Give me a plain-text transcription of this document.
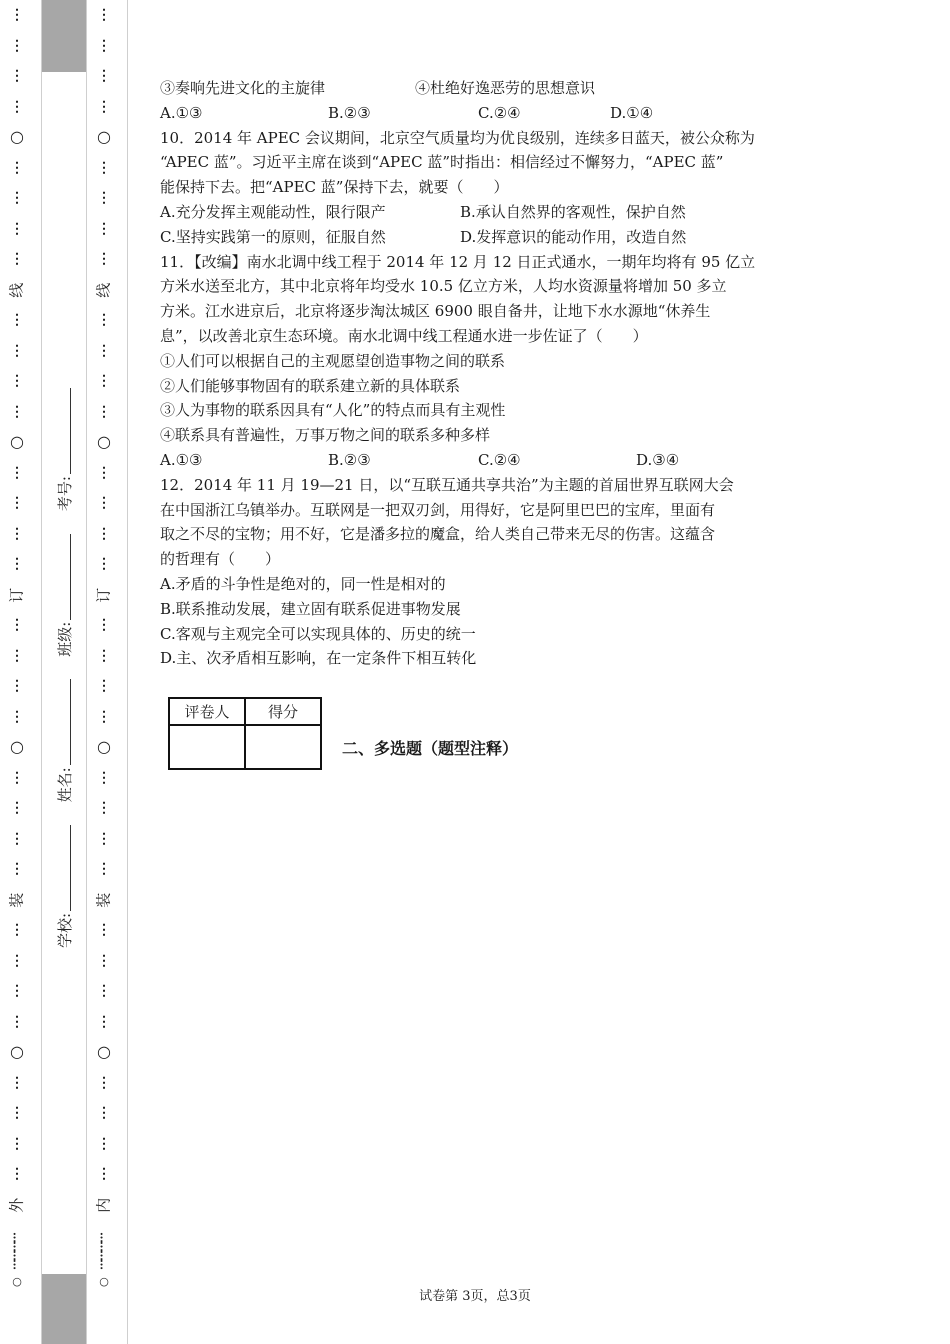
⋮
⋮
⋮
⋮
○
⋮
⋮
⋮
⋮
线
⋮
⋮
⋮
⋮
○
⋮
⋮
⋮
⋮
订
⋮
⋮
⋮
⋮
○
⋮
⋮
⋮
⋮
装
⋮
⋮
⋮
⋮
○
⋮
⋮
⋮
⋮
外
⋮
⋮
⋮
⋮
○
⋮
⋮
⋮
⋮
线
⋮
⋮
⋮
⋮
○
⋮
⋮
⋮
⋮
订
⋮
⋮
⋮
⋮
○
⋮
⋮
⋮
⋮
装
⋮
⋮
⋮
⋮
○
⋮
⋮
⋮
⋮
内
…………
○
…………
○
学校:
姓名:
班级:
考号:

③奏响先进文化的主旋律　　　　　　④杜绝好逸恶劳的思想意识

A.①③	B.②③	C.②④	D.①④

10．2014 年 APEC 会议期间，北京空气质量均为优良级别，连续多日蓝天，被公众称为

“APEC 蓝”。习近平主席在谈到“APEC 蓝”时指出：相信经过不懈努力，“APEC 蓝”

能保持下去。把“APEC 蓝”保持下去，就要（　　）

A.充分发挥主观能动性，限行限产	B.承认自然界的客观性，保护自然
C.坚持实践第一的原则，征服自然	D.发挥意识的能动作用，改造自然

11．【改编】南水北调中线工程于 2014 年 12 月 12 日正式通水，一期年均将有 95 亿立

方米水送至北方，其中北京将年均受水 10.5 亿立方米，人均水资源量将增加 50 多立

方米。江水进京后，北京将逐步淘汰城区 6900 眼自备井，让地下水水源地“休养生

息”，以改善北京生态环境。南水北调中线工程通水进一步佐证了（　　）

①人们可以根据自己的主观愿望创造事物之间的联系

②人们能够事物固有的联系建立新的具体联系

③人为事物的联系因具有“人化”的特点而具有主观性

④联系具有普遍性，万事万物之间的联系多种多样

A.①③	B.②③	C.②④	D.③④

12．2014 年 11 月 19—21 日，以“互联互通共享共治”为主题的首届世界互联网大会

在中国浙江乌镇举办。互联网是一把双刃剑，用得好，它是阿里巴巴的宝库，里面有

取之不尽的宝物；用不好，它是潘多拉的魔盒，给人类自己带来无尽的伤害。这蕴含

的哲理有（　　）

A.矛盾的斗争性是绝对的，同一性是相对的

B.联系推动发展，建立固有联系促进事物发展

C.客观与主观完全可以实现具体的、历史的统一

D.主、次矛盾相互影响，在一定条件下相互转化

评卷人	得分

二、多选题（题型注释）
试卷第 3页，总3页
